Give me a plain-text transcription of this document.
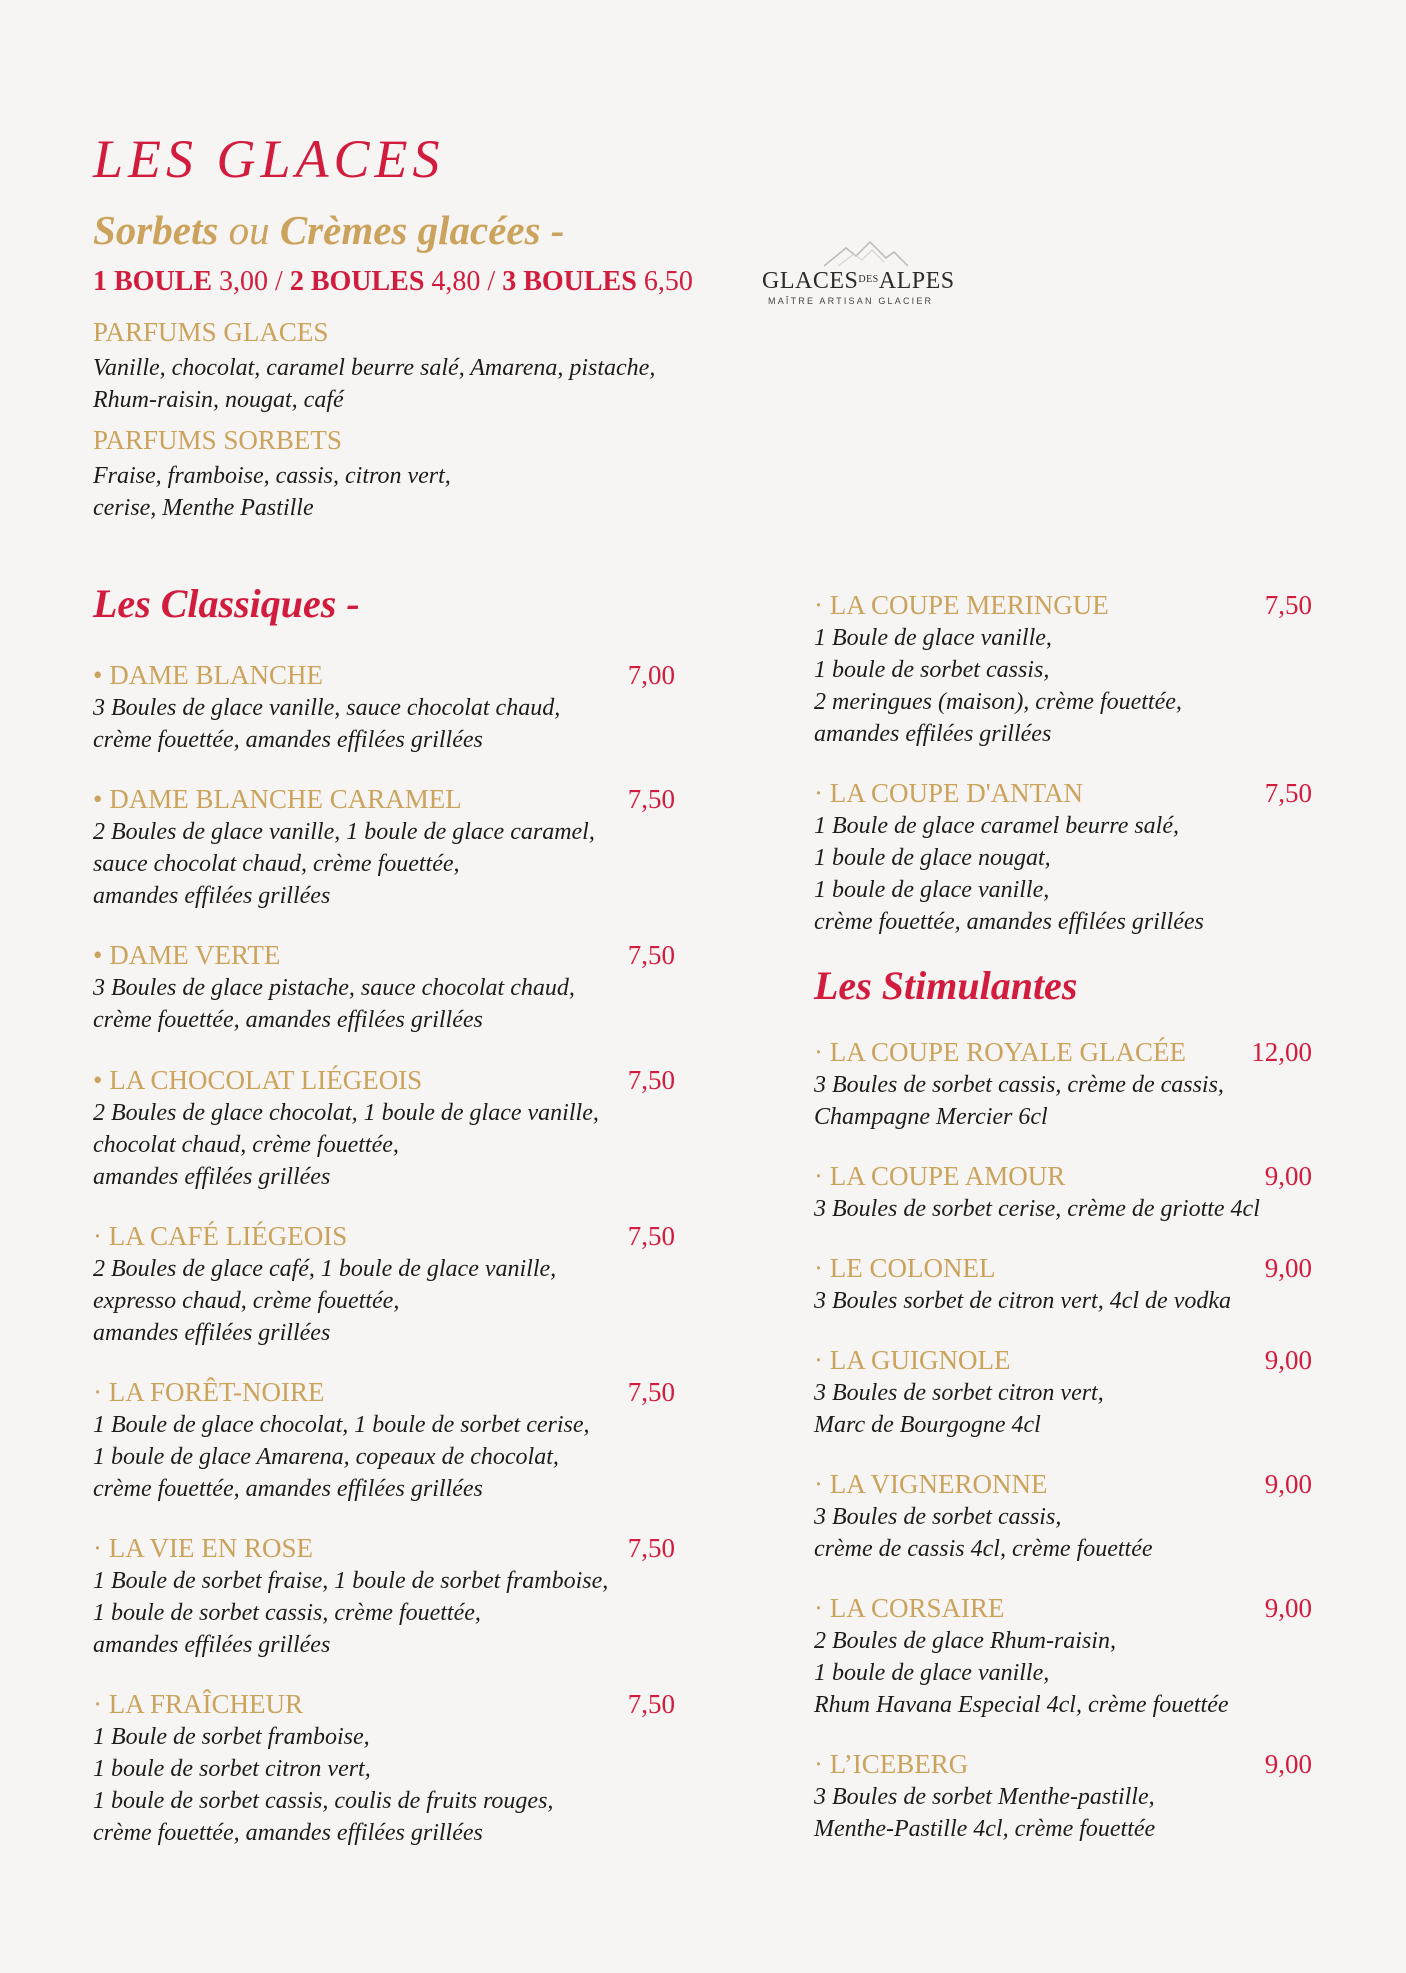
LES GLACES
Sorbets ou Crèmes glacées -
1 BOULE 3,00 / 2 BOULES 4,80 / 3 BOULES 6,50	$GLACES^{DES}ALPES$
MAÎTRE ARTISAN GLACIER
PARFUMS GLACES
Vanille, chocolat, caramel beurre salé, Amarena, pistache,
Rhum-raisin, nougat, café
PARFUMS SORBETS
Fraise, framboise, cassis, citron vert,
cerise, Menthe Pastille
Les Classiques -
• DAME BLANCHE	7,00
3 Boules de glace vanille, sauce chocolat chaud,
crème fouettée, amandes effilées grillées
• DAME BLANCHE CARAMEL	7,50
2 Boules de glace vanille, 1 boule de glace caramel,
sauce chocolat chaud, crème fouettée,
amandes effilées grillées
• DAME VERTE	7,50
3 Boules de glace pistache, sauce chocolat chaud,
crème fouettée, amandes effilées grillées
• LA CHOCOLAT LIÉGEOIS	7,50
2 Boules de glace chocolat, 1 boule de glace vanille,
chocolat chaud, crème fouettée,
amandes effilées grillées
· LA CAFÉ LIÉGEOIS	7,50
2 Boules de glace café, 1 boule de glace vanille,
expresso chaud, crème fouettée,
amandes effilées grillées
· LA FORÊT-NOIRE	7,50
1 Boule de glace chocolat, 1 boule de sorbet cerise,
1 boule de glace Amarena, copeaux de chocolat,
crème fouettée, amandes effilées grillées
· LA VIE EN ROSE	7,50
1 Boule de sorbet fraise, 1 boule de sorbet framboise,
1 boule de sorbet cassis, crème fouettée,
amandes effilées grillées
· LA FRAÎCHEUR	7,50
1 Boule de sorbet framboise,
1 boule de sorbet citron vert,
1 boule de sorbet cassis, coulis de fruits rouges,
crème fouettée, amandes effilées grillées
· LA COUPE MERINGUE	7,50
1 Boule de glace vanille,
1 boule de sorbet cassis,
2 meringues (maison), crème fouettée,
amandes effilées grillées
· LA COUPE D'ANTAN	7,50
1 Boule de glace caramel beurre salé,
1 boule de glace nougat,
1 boule de glace vanille,
crème fouettée, amandes effilées grillées
Les Stimulantes
· LA COUPE ROYALE GLACÉE 12,00
3 Boules de sorbet cassis, crème de cassis,
Champagne Mercier 6cl
· LA COUPE AMOUR	9,00
3 Boules de sorbet cerise, crème de griotte 4cl
· LE COLONEL	9,00
3 Boules sorbet de citron vert, 4cl de vodka
· LA GUIGNOLE	9,00
3 Boules de sorbet citron vert,
Marc de Bourgogne 4cl
· LA VIGNERONNE	9,00
3 Boules de sorbet cassis,
crème de cassis 4cl, crème fouettée
· LA CORSAIRE	9,00
2 Boules de glace Rhum-raisin,
1 boule de glace vanille,
Rhum Havana Especial 4cl, crème fouettée
· L’ICEBERG	9,00
3 Boules de sorbet Menthe-pastille,
Menthe-Pastille 4cl, crème fouettée
